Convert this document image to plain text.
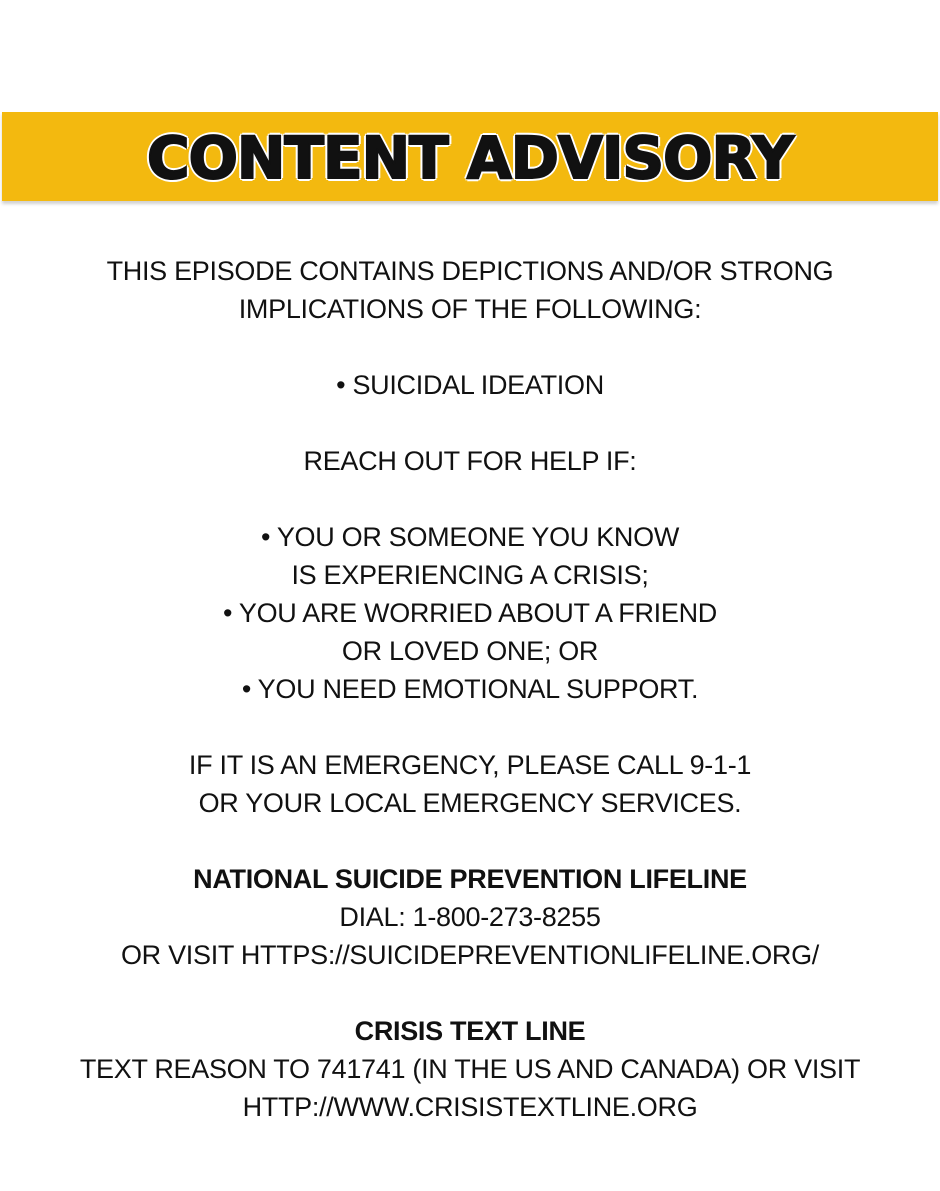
CONTENT ADVISORY

THIS EPISODE CONTAINS DEPICTIONS AND/OR STRONG

IMPLICATIONS OF THE FOLLOWING:

• SUICIDAL IDEATION

REACH OUT FOR HELP IF:

• YOU OR SOMEONE YOU KNOW

IS EXPERIENCING A CRISIS;

• YOU ARE WORRIED ABOUT A FRIEND

OR LOVED ONE; OR

• YOU NEED EMOTIONAL SUPPORT.

IF IT IS AN EMERGENCY, PLEASE CALL 9-1-1

OR YOUR LOCAL EMERGENCY SERVICES.

NATIONAL SUICIDE PREVENTION LIFELINE

DIAL: 1-800-273-8255

OR VISIT HTTPS://SUICIDEPREVENTIONLIFELINE.ORG/

CRISIS TEXT LINE

TEXT REASON TO 741741 (IN THE US AND CANADA) OR VISIT

HTTP://WWW.CRISISTEXTLINE.ORG
